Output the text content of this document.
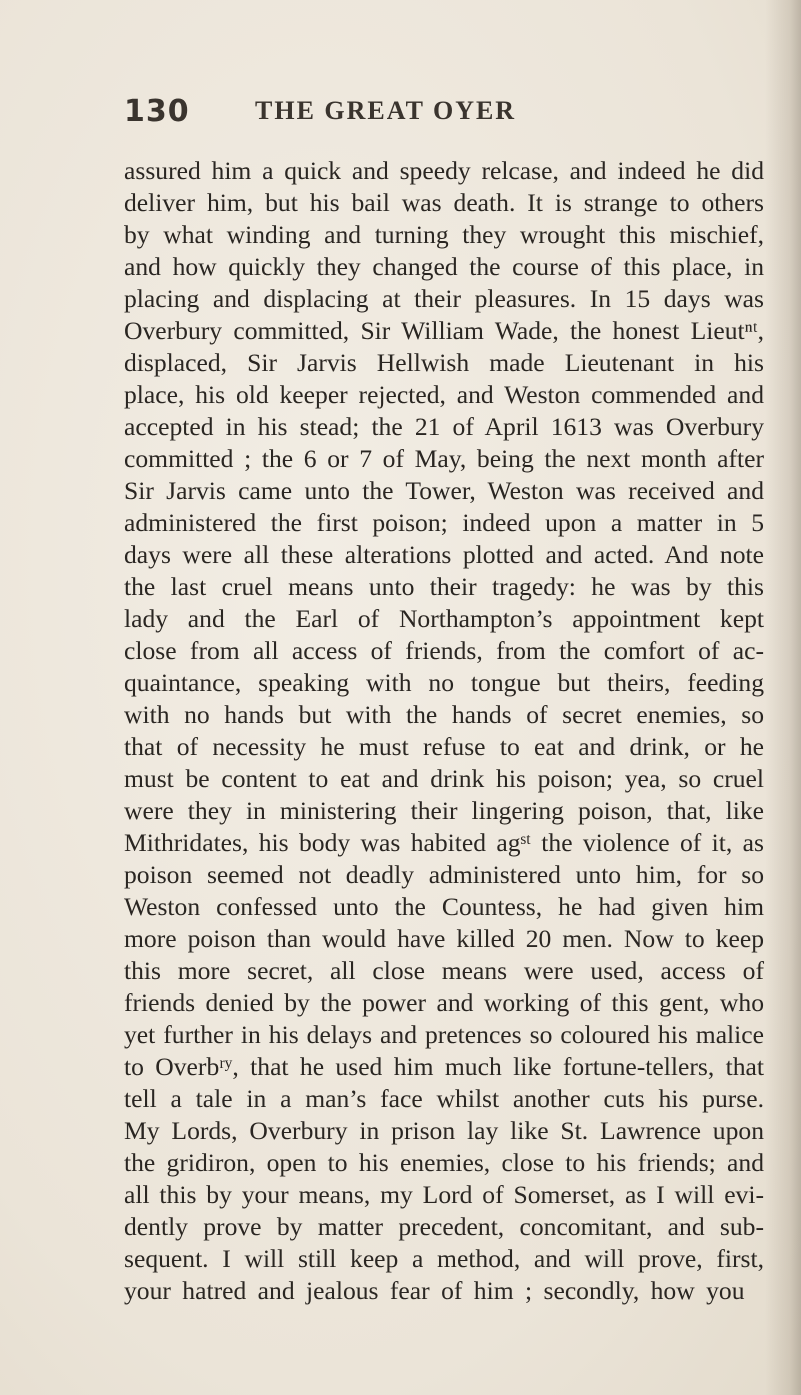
130	THE GREAT OYER
assured him a quick and speedy relcase, and indeed he did
deliver him, but his bail was death. It is strange to others
by what winding and turning they wrought this mischief,
and how quickly they changed the course of this place, in
placing and displacing at their pleasures. In 15 days was
Overbury committed, Sir William Wade, the honest Lieutⁿᵗ,
displaced, Sir Jarvis Hellwish made Lieutenant in his
place, his old keeper rejected, and Weston commended and
accepted in his stead; the 21 of April 1613 was Overbury
committed ; the 6 or 7 of May, being the next month after
Sir Jarvis came unto the Tower, Weston was received and
administered the first poison; indeed upon a matter in 5
days were all these alterations plotted and acted. And note
the last cruel means unto their tragedy: he was by this
lady and the Earl of Northampton’s appointment kept
close from all access of friends, from the comfort of ac-
quaintance, speaking with no tongue but theirs, feeding
with no hands but with the hands of secret enemies, so
that of necessity he must refuse to eat and drink, or he
must be content to eat and drink his poison; yea, so cruel
were they in ministering their lingering poison, that, like
Mithridates, his body was habited agˢᵗ the violence of it, as
poison seemed not deadly administered unto him, for so
Weston confessed unto the Countess, he had given him
more poison than would have killed 20 men. Now to keep
this more secret, all close means were used, access of
friends denied by the power and working of this gent, who
yet further in his delays and pretences so coloured his malice
to Overbʳʸ, that he used him much like fortune-tellers, that
tell a tale in a man’s face whilst another cuts his purse.
My Lords, Overbury in prison lay like St. Lawrence upon
the gridiron, open to his enemies, close to his friends; and
all this by your means, my Lord of Somerset, as I will evi-
dently prove by matter precedent, concomitant, and sub-
sequent. I will still keep a method, and will prove, first,
your hatred and jealous fear of him ; secondly, how you
